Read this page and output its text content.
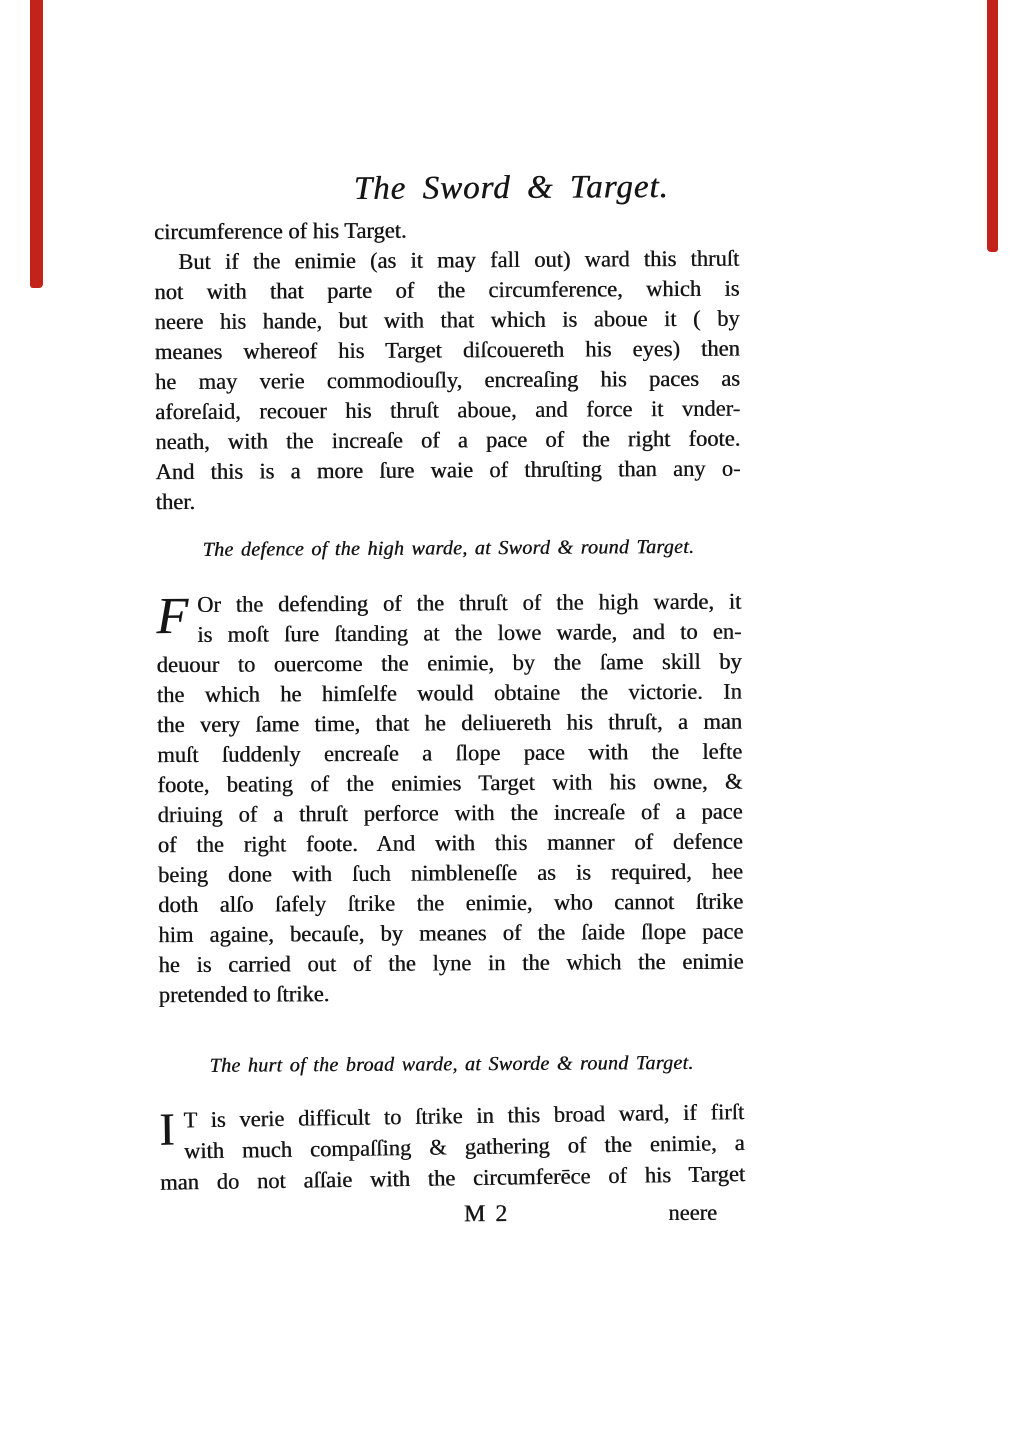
The Sword & Target.
circumference of his Target.
But if the enimie (as it may fall out) ward this thruſt
not with that parte of the circumference, which is
neere his hande, but with that which is aboue it ( by
meanes whereof his Target diſcouereth his eyes) then
he may verie commodiouſly, encreaſing his paces as
aforeſaid, recouer his thruſt aboue, and force it vnder-
neath, with the increaſe of a pace of the right foote.
And this is a more ſure waie of thruſting than any o-
ther.
The defence of the high warde, at Sword & round Target.
F Or the defending of the thruſt of the high warde, it
is moſt ſure ſtanding at the lowe warde, and to en-
deuour to ouercome the enimie, by the ſame skill by
the which he himſelfe would obtaine the victorie. In
the very ſame time, that he deliuereth his thruſt, a man
muſt ſuddenly encreaſe a ſlope pace with the lefte
foote, beating of the enimies Target with his owne, &
driuing of a thruſt perforce with the increaſe of a pace
of the right foote. And with this manner of defence
being done with ſuch nimbleneſſe as is required, hee
doth alſo ſafely ſtrike the enimie, who cannot ſtrike
him againe, becauſe, by meanes of the ſaide ſlope pace
he is carried out of the lyne in the which the enimie
pretended to ſtrike.
The hurt of the broad warde, at Sworde & round Target.
I T is verie difficult to ſtrike in this broad ward, if firſt
with much compaſſing & gathering of the enimie, a
man do not aſſaie with the circumferēce of his Target
M 2	neere
